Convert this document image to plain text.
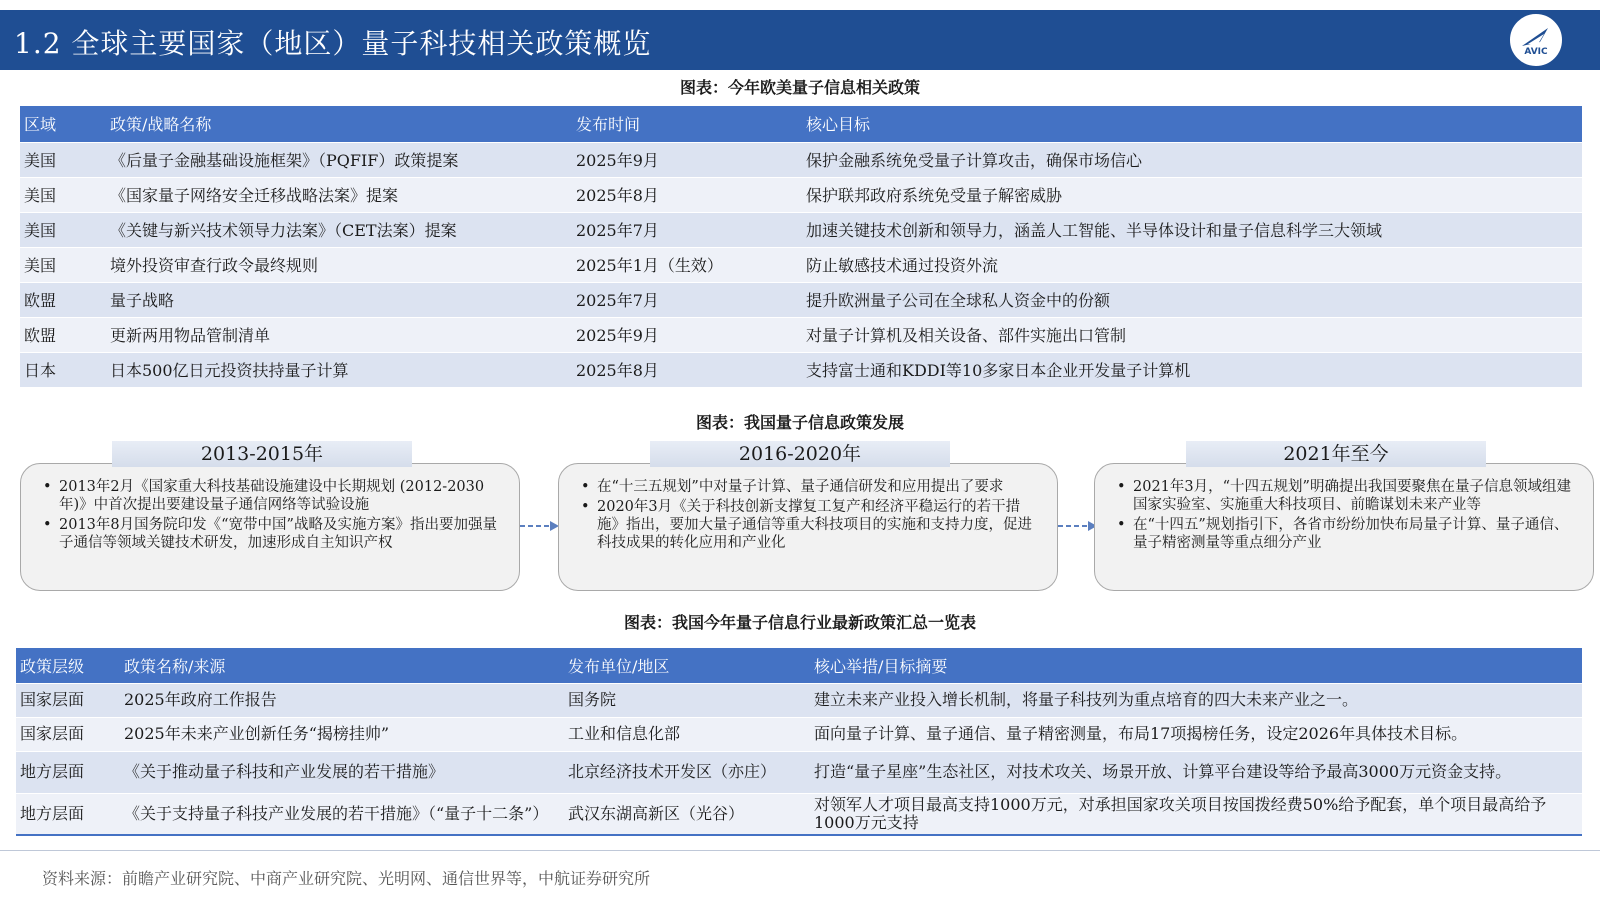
1.2 全球主要国家（地区）量子科技相关政策概览	AVIC
图表：今年欧美量子信息相关政策
区域	政策/战略名称	发布时间	核心目标
美国	《后量子金融基础设施框架》（PQFIF）政策提案	2025年9月	保护金融系统免受量子计算攻击，确保市场信心
美国	《国家量子网络安全迁移战略法案》提案	2025年8月	保护联邦政府系统免受量子解密威胁
美国	《关键与新兴技术领导力法案》（CET法案）提案	2025年7月	加速关键技术创新和领导力，涵盖人工智能、半导体设计和量子信息科学三大领域
美国	境外投资审查行政令最终规则	2025年1月（生效）	防止敏感技术通过投资外流
欧盟	量子战略	2025年7月	提升欧洲量子公司在全球私人资金中的份额
欧盟	更新两用物品管制清单	2025年9月	对量子计算机及相关设备、部件实施出口管制
日本	日本500亿日元投资扶持量子计算	2025年8月	支持富士通和KDDI等10多家日本企业开发量子计算机
图表：我国量子信息政策发展
2013-2015年
• 2013年2月《国家重大科技基础设施建设中长期规划 (2012-2030年)》中首次提出要建设量子通信网络等试验设施
• 2013年8月国务院印发《“宽带中国”战略及实施方案》指出要加强量子通信等领域关键技术研发，加速形成自主知识产权
2016-2020年
• 在“十三五规划”中对量子计算、量子通信研发和应用提出了要求
• 2020年3月《关于科技创新支撑复工复产和经济平稳运行的若干措施》指出，要加大量子通信等重大科技项目的实施和支持力度，促进科技成果的转化应用和产业化
2021年至今
• 2021年3月，“十四五规划”明确提出我国要聚焦在量子信息领域组建国家实验室、实施重大科技项目、前瞻谋划未来产业等
• 在“十四五”规划指引下，各省市纷纷加快布局量子计算、量子通信、量子精密测量等重点细分产业
图表：我国今年量子信息行业最新政策汇总一览表
政策层级	政策名称/来源	发布单位/地区	核心举措/目标摘要
国家层面	2025年政府工作报告	国务院	建立未来产业投入增长机制，将量子科技列为重点培育的四大未来产业之一。
国家层面	2025年未来产业创新任务“揭榜挂帅”	工业和信息化部	面向量子计算、量子通信、量子精密测量，布局17项揭榜任务，设定2026年具体技术目标。
地方层面	《关于推动量子科技和产业发展的若干措施》	北京经济技术开发区（亦庄）	打造“量子星座”生态社区，对技术攻关、场景开放、计算平台建设等给予最高3000万元资金支持。
地方层面	《关于支持量子科技产业发展的若干措施》（“量子十二条”）	武汉东湖高新区（光谷）	对领军人才项目最高支持1000万元，对承担国家攻关项目按国拨经费50%给予配套，单个项目最高给予1000万元支持
资料来源：前瞻产业研究院、中商产业研究院、光明网、通信世界等，中航证券研究所
